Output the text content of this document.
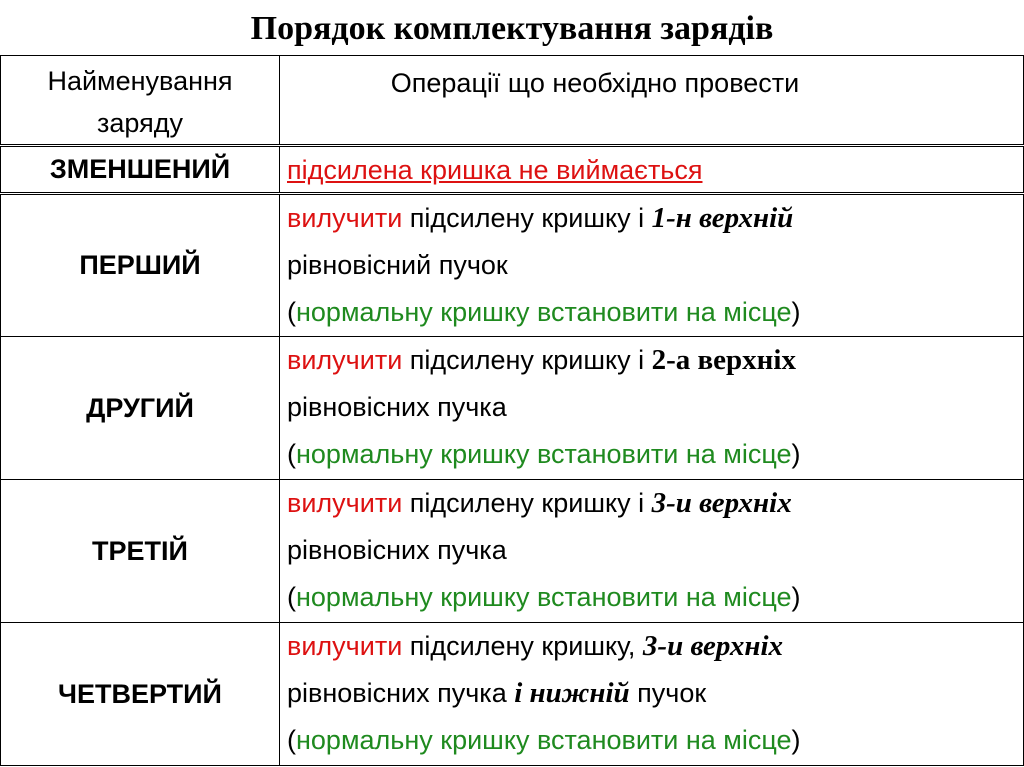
Порядок комплектування зарядів
Найменування
заряду	Операції що необхідно провести

ЗМЕНШЕНИЙ	підсилена кришка не виймається

ПЕРШИЙ	вилучити підсилену кришку і 1-н верхній
рівновісний пучок
(нормальну кришку встановити на місце)

ДРУГИЙ	вилучити підсилену кришку і 2-а верхніх
рівновісних пучка
(нормальну кришку встановити на місце)

ТРЕТІЙ	вилучити підсилену кришку і 3-и верхніх
рівновісних пучка
(нормальну кришку встановити на місце)

ЧЕТВЕРТИЙ	вилучити підсилену кришку, 3-и верхніх
рівновісних пучка і нижній пучок
(нормальну кришку встановити на місце)
